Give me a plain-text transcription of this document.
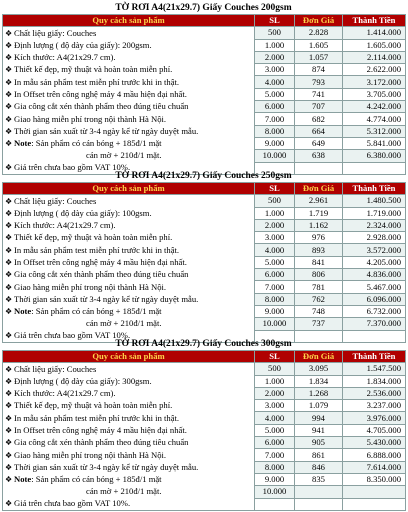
TỜ RƠI A4(21x29.7) Giấy Couches 200gsm
Quy cách sản phẩm	SL	Đơn Giá	Thành Tiền
❖ Chất liệu giấy: Couches	500	2.828	1.414.000
❖ Định lượng ( độ dày của giấy): 200gsm.	1.000	1.605	1.605.000
❖ Kích thước: A4(21x29.7 cm).	2.000	1.057	2.114.000
❖ Thiết kế đẹp, mỹ thuật và hoàn toàn miễn phí.	3.000	874	2.622.000
❖ In mẫu sản phẩm test miễn phí trước khi in thật.	4.000	793	3.172.000
❖ In Offset trên công nghệ máy 4 mầu hiện đại nhất.	5.000	741	3.705.000
❖ Gia công cắt xén thành phẩm theo đúng tiêu chuẩn	6.000	707	4.242.000
❖ Giao hàng miễn phí trong nội thành Hà Nội.	7.000	682	4.774.000
❖ Thời gian sản xuất từ 3-4 ngày kể từ ngày duyệt mẫu.	8.000	664	5.312.000
❖ Note: Sản phẩm có cán bóng + 185đ/1 mặt	9.000	649	5.841.000
cán mờ + 210đ/1 mặt.	10.000	638	6.380.000
❖ Giá trên chưa bao gồm VAT 10%.			
TỜ RƠI A4(21x29.7) Giấy Couches 250gsm
Quy cách sản phẩm	SL	Đơn Giá	Thành Tiền
❖ Chất liệu giấy: Couches	500	2.961	1.480.500
❖ Định lượng ( độ dày của giấy): 100gsm.	1.000	1.719	1.719.000
❖ Kích thước: A4(21x29.7 cm).	2.000	1.162	2.324.000
❖ Thiết kế đẹp, mỹ thuật và hoàn toàn miễn phí.	3.000	976	2.928.000
❖ In mẫu sản phẩm test miễn phí trước khi in thật.	4.000	893	3.572.000
❖ In Offset trên công nghệ máy 4 mầu hiện đại nhất.	5.000	841	4.205.000
❖ Gia công cắt xén thành phẩm theo đúng tiêu chuẩn	6.000	806	4.836.000
❖ Giao hàng miễn phí trong nội thành Hà Nội.	7.000	781	5.467.000
❖ Thời gian sản xuất từ 3-4 ngày kể từ ngày duyệt mẫu.	8.000	762	6.096.000
❖ Note: Sản phẩm có cán bóng + 185đ/1 mặt	9.000	748	6.732.000
cán mờ + 210đ/1 mặt.	10.000	737	7.370.000
❖ Giá trên chưa bao gồm VAT 10%.			
TỜ RƠI A4(21x29.7) Giấy Couches 300gsm
Quy cách sản phẩm	SL	Đơn Giá	Thành Tiền
❖ Chất liệu giấy: Couches	500	3.095	1.547.500
❖ Định lượng ( độ dày của giấy): 300gsm.	1.000	1.834	1.834.000
❖ Kích thước: A4(21x29.7 cm).	2.000	1.268	2.536.000
❖ Thiết kế đẹp, mỹ thuật và hoàn toàn miễn phí.	3.000	1.079	3.237.000
❖ In mẫu sản phẩm test miễn phí trước khi in thật.	4.000	994	3.976.000
❖ In Offset trên công nghệ máy 4 mầu hiện đại nhất.	5.000	941	4.705.000
❖ Gia công cắt xén thành phẩm theo đúng tiêu chuẩn	6.000	905	5.430.000
❖ Giao hàng miễn phí trong nội thành Hà Nội.	7.000	861	6.888.000
❖ Thời gian sản xuất từ 3-4 ngày kể từ ngày duyệt mẫu.	8.000	846	7.614.000
❖ Note: Sản phẩm có cán bóng + 185đ/1 mặt	9.000	835	8.350.000
cán mờ + 210đ/1 mặt.	10.000		
❖ Giá trên chưa bao gồm VAT 10%.			
